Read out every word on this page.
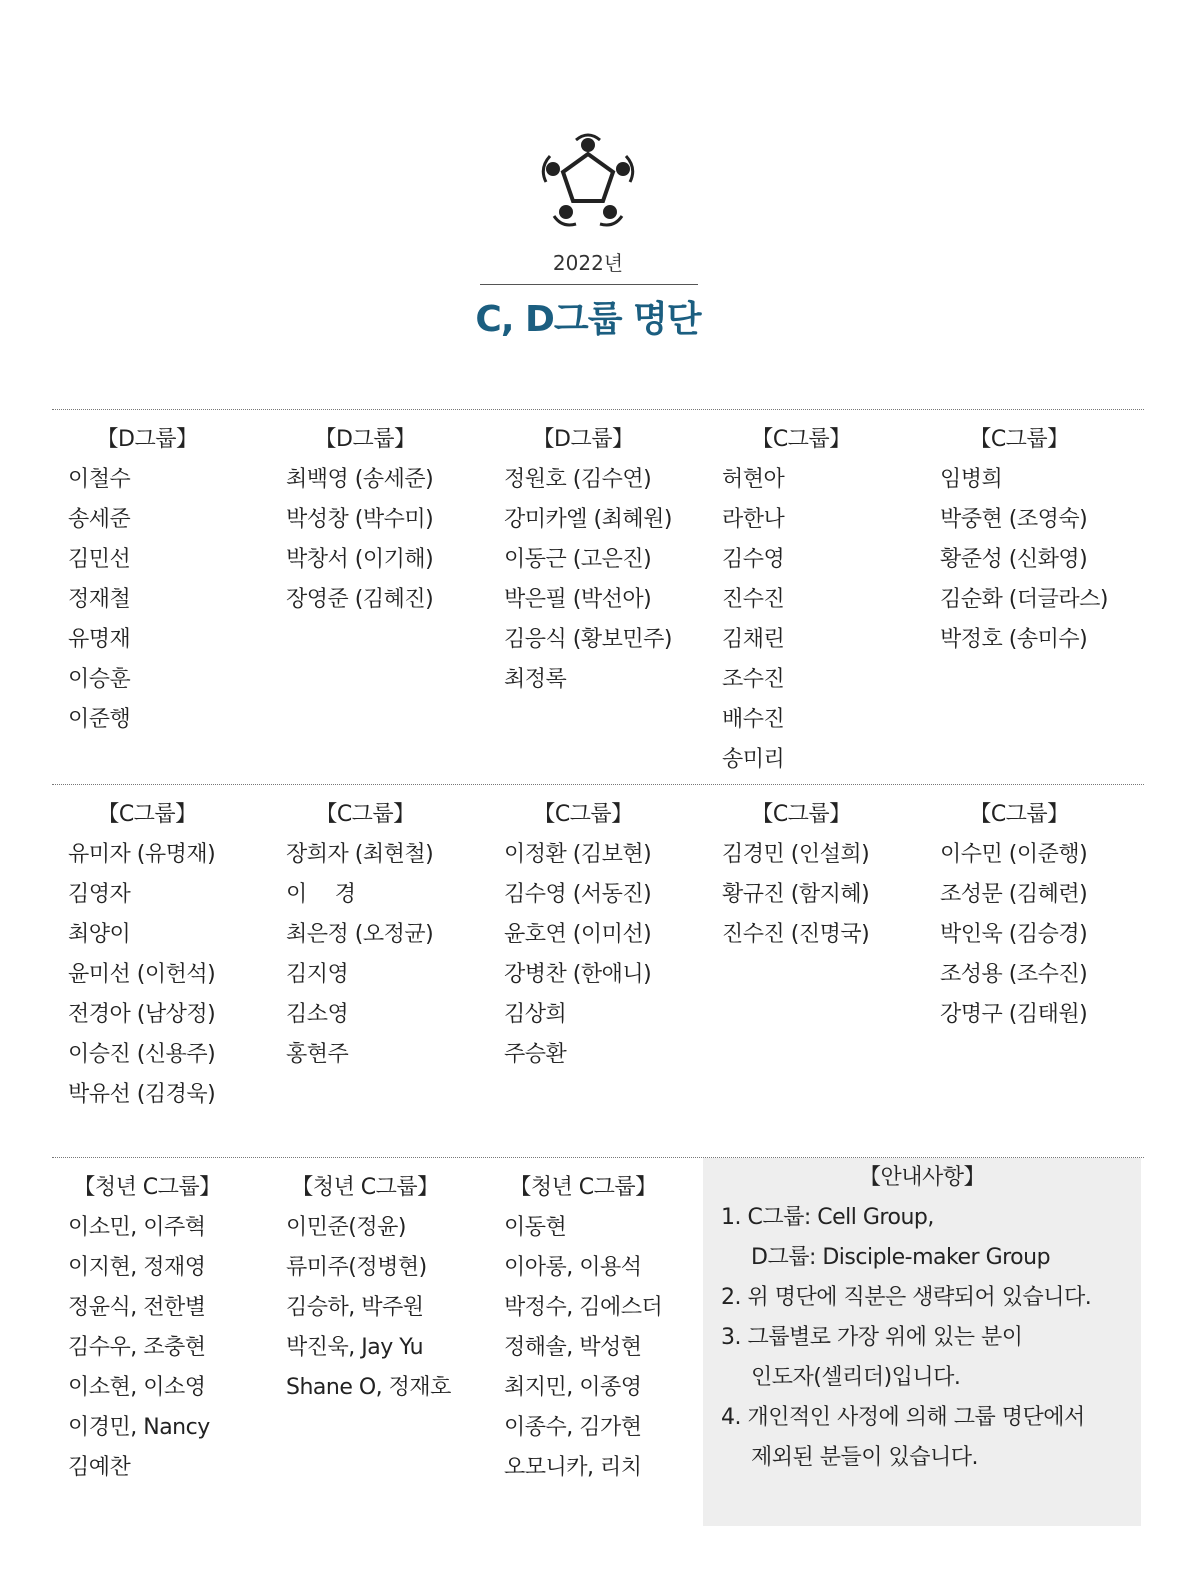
2022년
C, D그룹 명단
【D그룹】
이철수
송세준
김민선
정재철
유명재
이승훈
이준행
【D그룹】
최백영 (송세준)
박성창 (박수미)
박창서 (이기해)
장영준 (김혜진)
【D그룹】
정원호 (김수연)
강미카엘 (최혜원)
이동근 (고은진)
박은필 (박선아)
김응식 (황보민주)
최정록
【C그룹】
허현아
라한나
김수영
진수진
김채린
조수진
배수진
송미리
【C그룹】
임병희
박중현 (조영숙)
황준성 (신화영)
김순화 (더글라스)
박정호 (송미수)
【C그룹】
유미자 (유명재)
김영자
최양이
윤미선 (이헌석)
전경아 (남상정)
이승진 (신용주)
박유선 (김경욱)
【C그룹】
장희자 (최현철)
이　 경
최은정 (오정균)
김지영
김소영
홍현주
【C그룹】
이정환 (김보현)
김수영 (서동진)
윤호연 (이미선)
강병찬 (한애니)
김상희
주승환
【C그룹】
김경민 (인설희)
황규진 (함지혜)
진수진 (진명국)
【C그룹】
이수민 (이준행)
조성문 (김혜련)
박인욱 (김승경)
조성용 (조수진)
강명구 (김태원)
【청년 C그룹】
이소민, 이주혁
이지현, 정재영
정윤식, 전한별
김수우, 조충현
이소현, 이소영
이경민, Nancy
김예찬
【청년 C그룹】
이민준(정윤)
류미주(정병현)
김승하, 박주원
박진욱, Jay Yu
Shane O, 정재호
【청년 C그룹】
이동현
이아롱, 이용석
박정수, 김에스더
정해솔, 박성현
최지민, 이종영
이종수, 김가현
오모니카, 리치
【안내사항】
1. C그룹: Cell Group,
D그룹: Disciple-maker Group
2. 위 명단에 직분은 생략되어 있습니다.
3. 그룹별로 가장 위에 있는 분이
인도자(셀리더)입니다.
4. 개인적인 사정에 의해 그룹 명단에서
제외된 분들이 있습니다.
